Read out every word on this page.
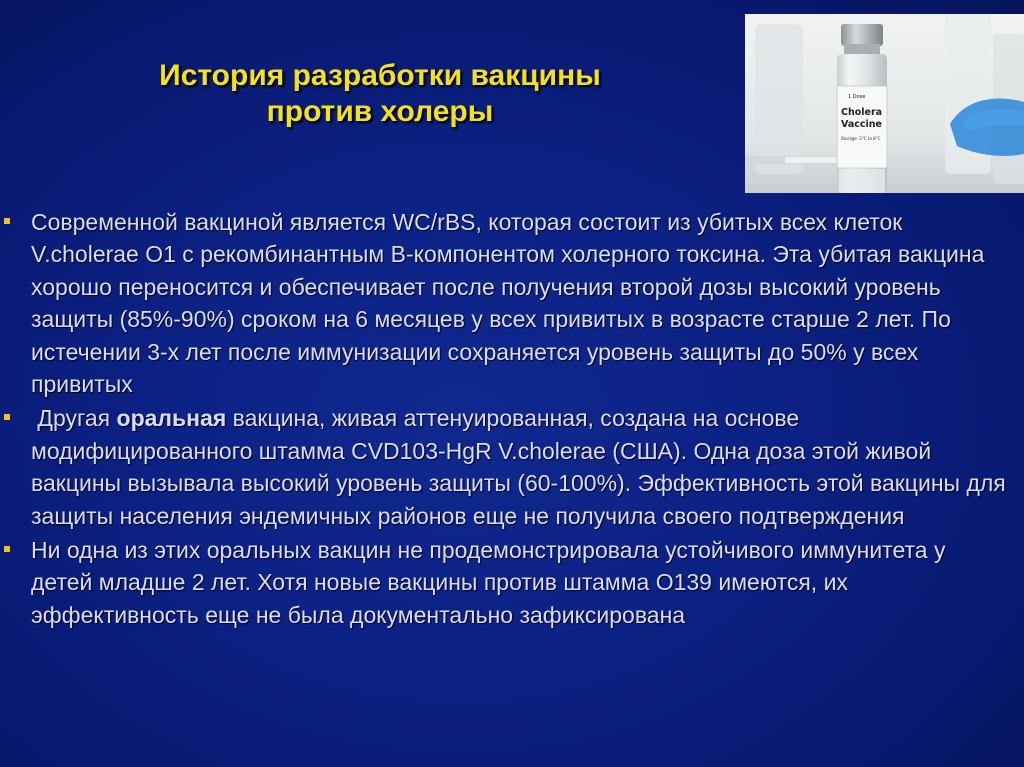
История разработки вакцины
против холеры	1 Dose
Cholera
Vaccine
Storage: 2°C to 8°C
Современной вакциной является WC/rBS, которая состоит из убитых всех клеток V.cholerae O1 с рекомбинантным B-компонентом холерного токсина. Эта убитая вакцина хорошо переносится и обеспечивает после получения второй дозы высокий уровень защиты (85%-90%) сроком на 6 месяцев у всех привитых в возрасте старше 2 лет. По истечении 3-х лет после иммунизации сохраняется уровень защиты до 50% у всех привитых
Другая оральная вакцина, живая аттенуированная, создана на основе модифицированного штамма CVD103-HgR V.cholerae (США). Одна доза этой живой вакцины вызывала высокий уровень защиты (60-100%). Эффективность этой вакцины для защиты населения эндемичных районов еще не получила своего подтверждения
Ни одна из этих оральных вакцин не продемонстрировала устойчивого иммунитета у детей младше 2 лет. Хотя новые вакцины против штамма O139 имеются, их эффективность еще не была документально зафиксирована
